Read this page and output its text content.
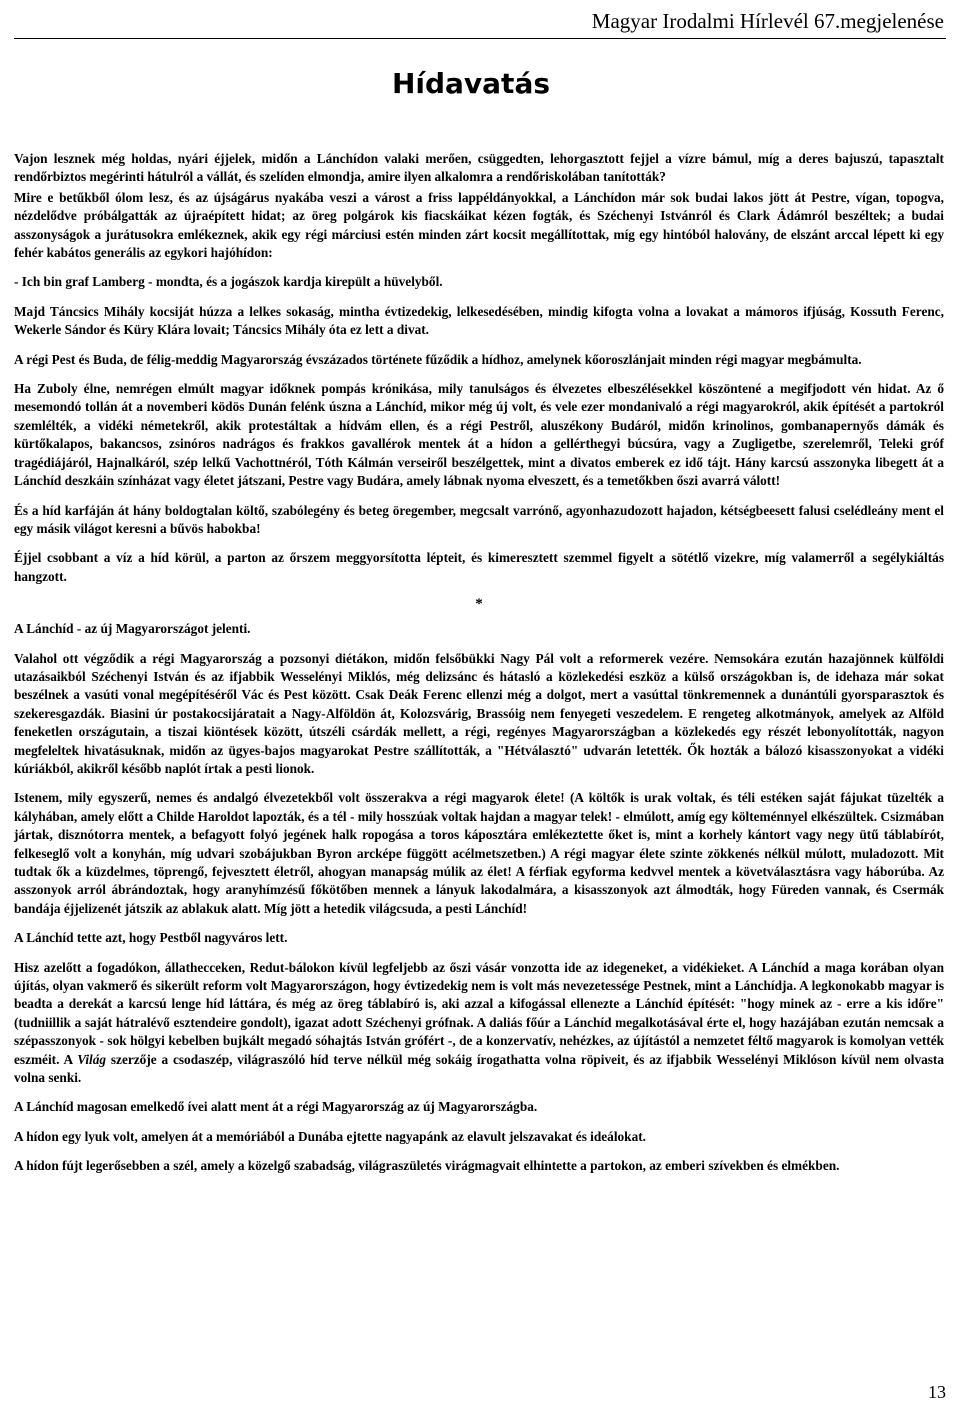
Magyar Irodalmi Hírlevél 67.megjelenése
Hídavatás

Vajon lesznek még holdas, nyári éjjelek, midőn a Lánchídon valaki merően, csüggedten, lehorgasztott fejjel a vízre bámul, míg a deres bajuszú, tapasztalt rendőrbiztos megérinti hátulról a vállát, és szelíden elmondja, amire ilyen alkalomra a rendőriskolában tanították?

Mire e betűkből ólom lesz, és az újságárus nyakába veszi a várost a friss lappéldányokkal, a Lánchídon már sok budai lakos jött át Pestre, vígan, topogva, nézdelődve próbálgatták az újraépített hidat; az öreg polgárok kis fiacskáikat kézen fogták, és Széchenyi Istvánról és Clark Ádámról beszéltek; a budai asszonyságok a jurátusokra emlékeznek, akik egy régi márciusi estén minden zárt kocsit megállítottak, míg egy hintóból halovány, de elszánt arccal lépett ki egy fehér kabátos generális az egykori hajóhídon:

- Ich bin graf Lamberg - mondta, és a jogászok kardja kirepült a hüvelyből.

Majd Táncsics Mihály kocsiját húzza a lelkes sokaság, mintha évtizedekig, lelkesedésében, mindig kifogta volna a lovakat a mámoros ifjúság, Kossuth Ferenc, Wekerle Sándor és Küry Klára lovait; Táncsics Mihály óta ez lett a divat.

A régi Pest és Buda, de félig-meddig Magyarország évszázados története fűződik a hídhoz, amelynek kőoroszlánjait minden régi magyar megbámulta.

Ha Zuboly élne, nemrégen elmúlt magyar időknek pompás krónikása, mily tanulságos és élvezetes elbeszélésekkel köszöntené a megifjodott vén hidat. Az ő mesemondó tollán át a novemberi ködös Dunán felénk úszna a Lánchíd, mikor még új volt, és vele ezer mondanivaló a régi magyarokról, akik építését a partokról szemlélték, a vidéki németekről, akik protestáltak a hídvám ellen, és a régi Pestről, aluszékony Budáról, midőn krinolinos, gombanapernyős dámák és kürtőkalapos, bakancsos, zsinóros nadrágos és frakkos gavallérok mentek át a hídon a gellérthegyi búcsúra, vagy a Zugligetbe, szerelemről, Teleki gróf tragédiájáról, Hajnalkáról, szép lelkű Vachottnéról, Tóth Kálmán verseiről beszélgettek, mint a divatos emberek ez idő tájt. Hány karcsú asszonyka libegett át a Lánchíd deszkáin színházat vagy életet játszani, Pestre vagy Budára, amely lábnak nyoma elveszett, és a temetőkben őszi avarrá válott!

És a híd karfáján át hány boldogtalan költő, szabólegény és beteg öregember, megcsalt varrónő, agyonhazudozott hajadon, kétségbeesett falusi cselédleány ment el egy másik világot keresni a bűvös habokba!

Éjjel csobbant a víz a híd körül, a parton az őrszem meggyorsította lépteit, és kimeresztett szemmel figyelt a sötétlő vizekre, míg valamerről a segélykiáltás hangzott.

*

A Lánchíd - az új Magyarországot jelenti.

Valahol ott végződik a régi Magyarország a pozsonyi diétákon, midőn felsőbükki Nagy Pál volt a reformerek vezére. Nemsokára ezután hazajönnek külföldi utazásaikból Széchenyi István és az ifjabbik Wesselényi Miklós, még delizsánc és hátasló a közlekedési eszköz a külső országokban is, de idehaza már sokat beszélnek a vasúti vonal megépítéséről Vác és Pest között. Csak Deák Ferenc ellenzi még a dolgot, mert a vasúttal tönkremennek a dunántúli gyorsparasztok és szekeresgazdák. Biasini úr postakocsijáratait a Nagy-Alföldön át, Kolozsvárig, Brassóig nem fenyegeti veszedelem. E rengeteg alkotmányok, amelyek az Alföld feneketlen országutain, a tiszai kiöntések között, útszéli csárdák mellett, a régi, regényes Magyarországban a közlekedés egy részét lebonyolították, nagyon megfeleltek hivatásuknak, midőn az ügyes-bajos magyarokat Pestre szállították, a "Hétválasztó" udvarán letették. Ők hozták a bálozó kisasszonyokat a vidéki kúriákból, akikről később naplót írtak a pesti lionok.

Istenem, mily egyszerű, nemes és andalgó élvezetekből volt összerakva a régi magyarok élete! (A költők is urak voltak, és téli estéken saját fájukat tüzelték a kályhában, amely előtt a Childe Haroldot lapozták, és a tél - mily hosszúak voltak hajdan a magyar telek! - elmúlott, amíg egy költeménnyel elkészültek. Csizmában jártak, disznótorra mentek, a befagyott folyó jegének halk ropogása a toros káposztára emlékeztette őket is, mint a korhely kántort vagy negy ütű táblabírót, felkeseglő volt a konyhán, míg udvari szobájukban Byron arcképe függött acélmetszetben.) A régi magyar élete szinte zökkenés nélkül múlott, muladozott. Mit tudtak ők a küzdelmes, töprengő, fejvesztett életről, ahogyan manapság múlik az élet! A férfiak egyforma kedvvel mentek a követválasztásra vagy háborúba. Az asszonyok arról ábrándoztak, hogy aranyhímzésű főkötőben mennek a lányuk lakodalmára, a kisasszonyok azt álmodták, hogy Füreden vannak, és Csermák bandája éjjelizenét játszik az ablakuk alatt. Míg jött a hetedik világcsuda, a pesti Lánchíd!

A Lánchíd tette azt, hogy Pestből nagyváros lett.

Hisz azelőtt a fogadókon, állathecceken, Redut-bálokon kívül legfeljebb az őszi vásár vonzotta ide az idegeneket, a vidékieket. A Lánchíd a maga korában olyan újítás, olyan vakmerő és sikerült reform volt Magyarországon, hogy évtizedekig nem is volt más nevezetessége Pestnek, mint a Lánchídja. A legkonokabb magyar is beadta a derekát a karcsú lenge híd láttára, és még az öreg táblabíró is, aki azzal a kifogással ellenezte a Lánchíd építését: "hogy minek az - erre a kis időre" (tudniillik a saját hátralévő esztendeire gondolt), igazat adott Széchenyi grófnak. A daliás főúr a Lánchíd megalkotásával érte el, hogy hazájában ezután nemcsak a szépasszonyok - sok hölgyi kebelben bujkált megadó sóhajtás István grófért -, de a konzervatív, nehézkes, az újítástól a nemzetet féltő magyarok is komolyan vették eszméit. A Világ szerzője a csodaszép, világraszóló híd terve nélkül még sokáig írogathatta volna röpiveit, és az ifjabbik Wesselényi Miklóson kívül nem olvasta volna senki.

A Lánchíd magosan emelkedő ívei alatt ment át a régi Magyarország az új Magyarországba.

A hídon egy lyuk volt, amelyen át a memóriából a Dunába ejtette nagyapánk az elavult jelszavakat és ideálokat.

A hídon fújt legerősebben a szél, amely a közelgő szabadság, világraszületés virágmagvait elhintette a partokon, az emberi szívekben és elmékben.

13
